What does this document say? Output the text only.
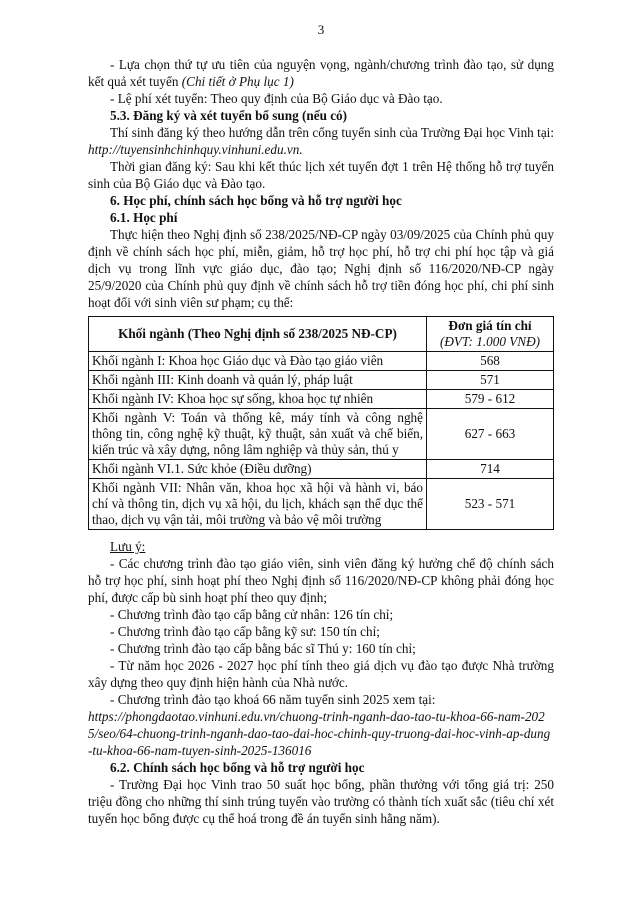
3

- Lựa chọn thứ tự ưu tiên của nguyện vọng, ngành/chương trình đào tạo, sử dụng kết quả xét tuyển (Chi tiết ở Phụ lục 1)

- Lệ phí xét tuyển: Theo quy định của Bộ Giáo dục và Đào tạo.

5.3. Đăng ký và xét tuyển bổ sung (nếu có)

Thí sinh đăng ký theo hướng dẫn trên cổng tuyển sinh của Trường Đại học Vinh tại: http://tuyensinhchinhquy.vinhuni.edu.vn.

Thời gian đăng ký: Sau khi kết thúc lịch xét tuyển đợt 1 trên Hệ thống hỗ trợ tuyển sinh của Bộ Giáo dục và Đào tạo.

6. Học phí, chính sách học bổng và hỗ trợ người học
6.1. Học phí

Thực hiện theo Nghị định số 238/2025/NĐ-CP ngày 03/09/2025 của Chính phủ quy định về chính sách học phí, miễn, giảm, hỗ trợ học phí, hỗ trợ chi phí học tập và giá dịch vụ trong lĩnh vực giáo dục, đào tạo; Nghị định số 116/2020/NĐ-CP ngày 25/9/2020 của Chính phủ quy định về chính sách hỗ trợ tiền đóng học phí, chi phí sinh hoạt đối với sinh viên sư phạm; cụ thể:

Khối ngành (Theo Nghị định số 238/2025 NĐ-CP)	Đơn giá tín chỉ
(ĐVT: 1.000 VNĐ)

Khối ngành I: Khoa học Giáo dục và Đào tạo giáo viên	568
Khối ngành III: Kinh doanh và quản lý, pháp luật	571
Khối ngành IV: Khoa học sự sống, khoa học tự nhiên	579 - 612
Khối ngành V: Toán và thống kê, máy tính và công nghệ thông tin, công nghệ kỹ thuật, kỹ thuật, sản xuất và chế biến, kiến trúc và xây dựng, nông lâm nghiệp và thủy sản, thú y	627 - 663
Khối ngành VI.1. Sức khỏe (Điều dưỡng)	714
Khối ngành VII: Nhân văn, khoa học xã hội và hành vi, báo chí và thông tin, dịch vụ xã hội, du lịch, khách sạn thể dục thể thao, dịch vụ vận tải, môi trường và bảo vệ môi trường	523 - 571

Lưu ý:

- Các chương trình đào tạo giáo viên, sinh viên đăng ký hưởng chế độ chính sách hỗ trợ học phí, sinh hoạt phí theo Nghị định số 116/2020/NĐ-CP không phải đóng học phí, được cấp bù sinh hoạt phí theo quy định;

- Chương trình đào tạo cấp bằng cử nhân: 126 tín chỉ;

- Chương trình đào tạo cấp bằng kỹ sư: 150 tín chỉ;

- Chương trình đào tạo cấp bằng bác sĩ Thú y: 160 tín chỉ;

- Từ năm học 2026 - 2027 học phí tính theo giá dịch vụ đào tạo được Nhà trường xây dựng theo quy định hiện hành của Nhà nước.

- Chương trình đào tạo khoá 66 năm tuyển sinh 2025 xem tại:

https://phongdaotao.vinhuni.edu.vn/chuong-trinh-nganh-dao-tao-tu-khoa-66-nam-2025/seo/64-chuong-trinh-nganh-dao-tao-dai-hoc-chinh-quy-truong-dai-hoc-vinh-ap-dung-tu-khoa-66-nam-tuyen-sinh-2025-136016

6.2. Chính sách học bổng và hỗ trợ người học

- Trường Đại học Vinh trao 50 suất học bổng, phần thưởng với tổng giá trị: 250 triệu đồng cho những thí sinh trúng tuyển vào trường có thành tích xuất sắc (tiêu chí xét tuyển học bổng được cụ thể hoá trong đề án tuyển sinh hằng năm).
